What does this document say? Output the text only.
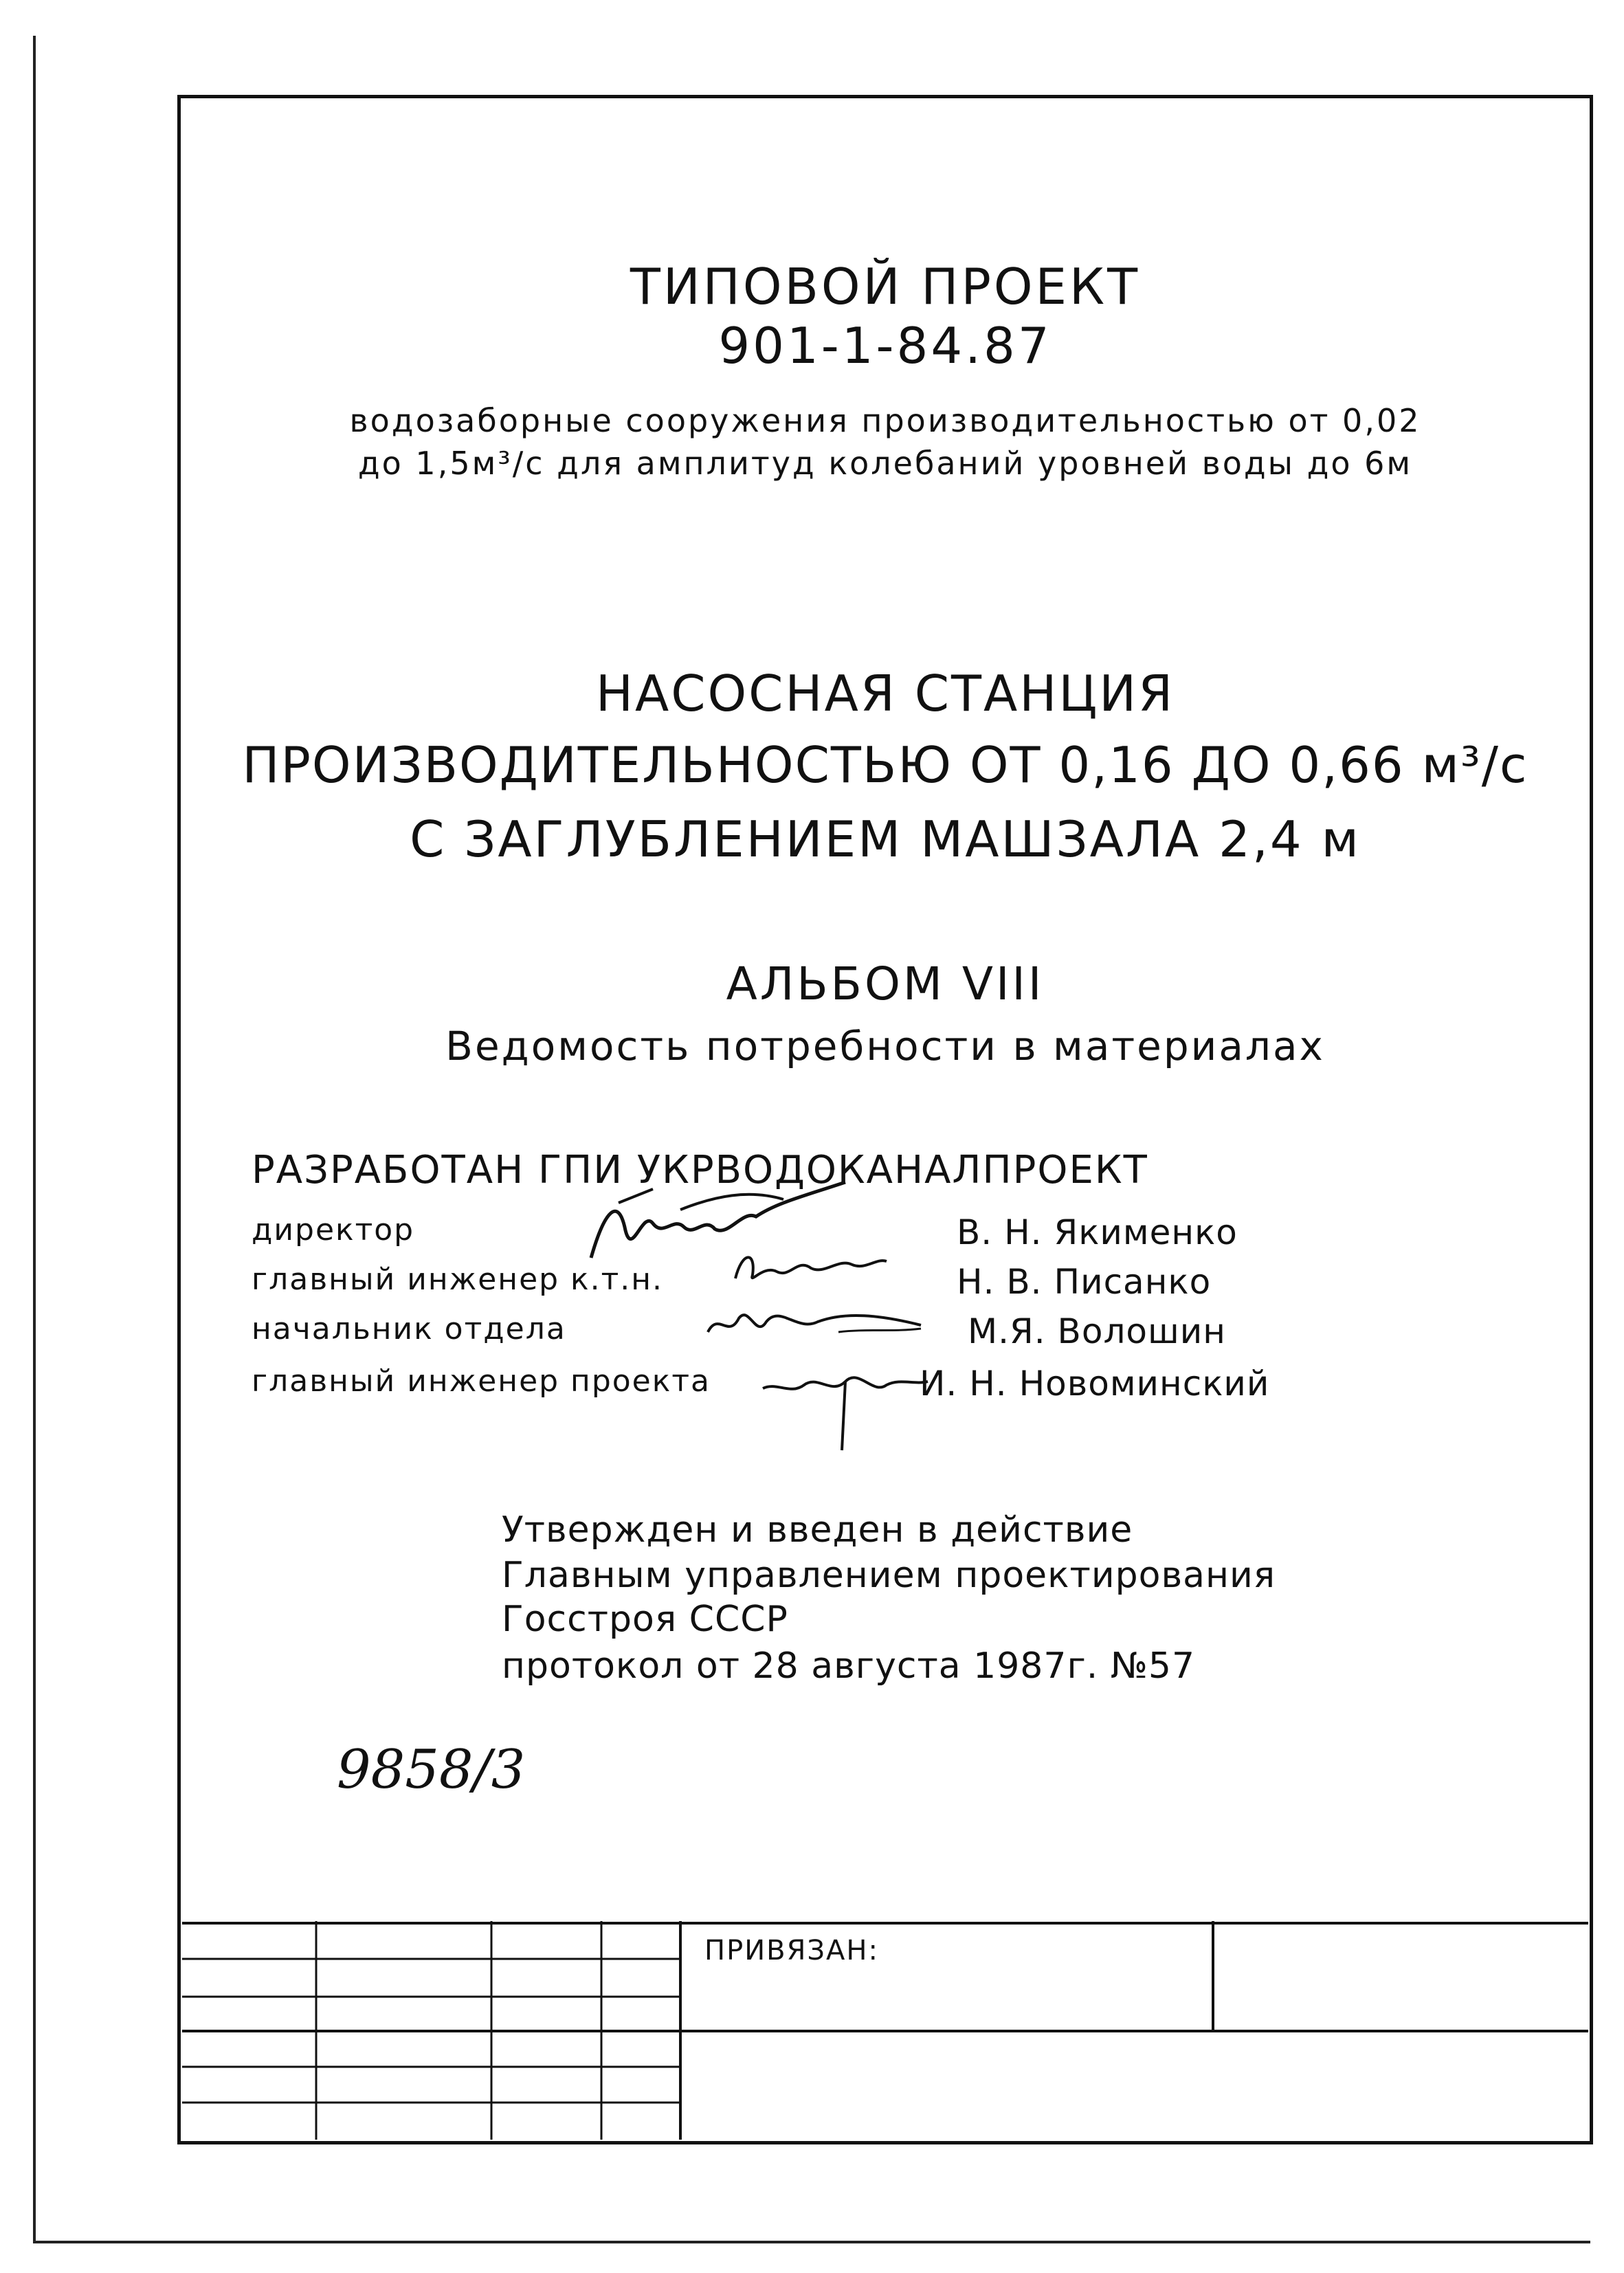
ТИПОВОЙ ПРОЕКТ
901-1-84.87
водозаборные сооружения производительностью от 0,02
до 1,5м³/с для амплитуд колебаний уровней воды до 6м
НАСОСНАЯ СТАНЦИЯ
ПРОИЗВОДИТЕЛЬНОСТЬЮ ОТ 0,16 ДО 0,66 м³/с
С ЗАГЛУБЛЕНИЕМ МАШЗАЛА 2,4 м
АЛЬБОМ VIII
Ведомость потребности в материалах
РАЗРАБОТАН ГПИ УКРВОДОКАНАЛПРОЕКТ
директор
главный инженер к.т.н.
начальник отдела
главный инженер проекта
В. Н. Якименко
Н. В. Писанко
М.Я. Волошин
И. Н. Новоминский
Утвержден и введен в действие
Главным управлением проектирования
Госстроя СССР
протокол от 28 августа 1987г. №57
9858/3
ПРИВЯЗАН:
